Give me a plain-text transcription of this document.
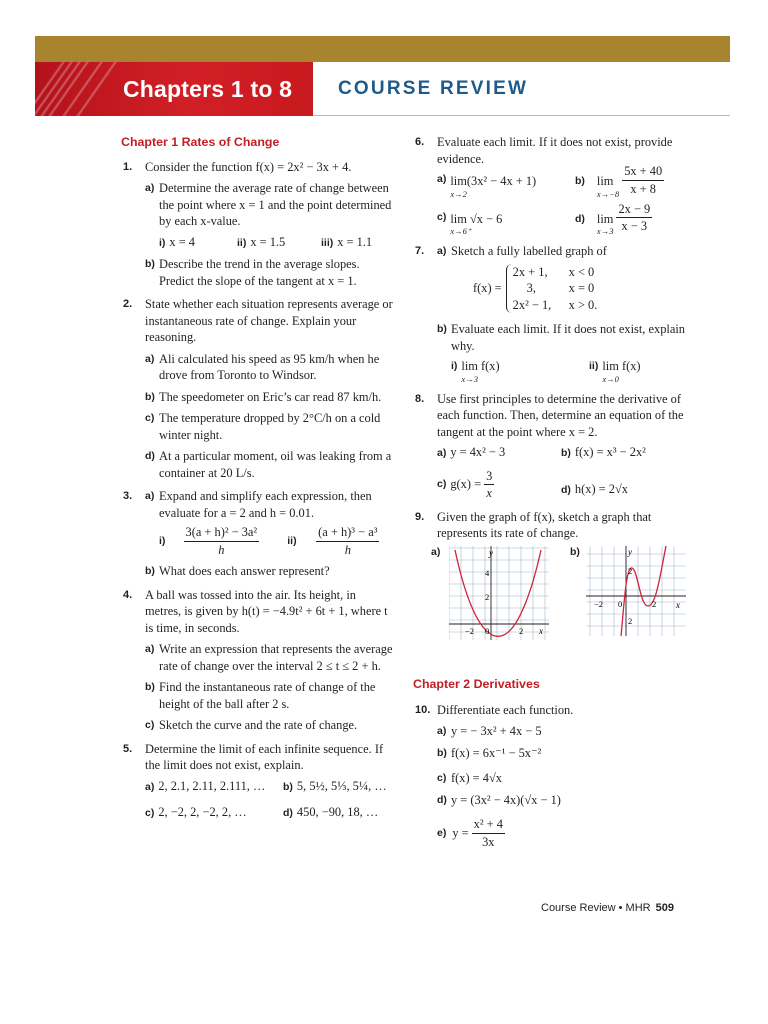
Chapters 1 to 8 COURSE REVIEW
Chapter 1 Rates of Change
1. Consider the function f(x) = 2x² − 3x + 4.
a) Determine the average rate of change between the point where x = 1 and the point determined by each x-value.
i) x = 4	ii) x = 1.5	iii) x = 1.1
b) Describe the trend in the average slopes. Predict the slope of the tangent at x = 1.
2. State whether each situation represents average or instantaneous rate of change. Explain your reasoning.
a) Ali calculated his speed as 95 km/h when he drove from Toronto to Windsor.
b) The speedometer on Eric’s car read 87 km/h.
c) The temperature dropped by 2°C/h on a cold winter night.
d) At a particular moment, oil was leaking from a container at 20 L/s.
3. a) Expand and simplify each expression, then evaluate for a = 2 and h = 0.01.
$i) \frac{\text{3(a + h)² − 3a²}}{h} ii) \frac{\text{(a + h)³ − a³}}{h}$
b) What does each answer represent?
4. A ball was tossed into the air. Its height, in metres, is given by h(t) = −4.9t² + 6t + 1, where t is time, in seconds.
a) Write an expression that represents the average rate of change over the interval 2 ≤ t ≤ 2 + h.
b) Find the instantaneous rate of change of the height of the ball after 2 s.
c) Sketch the curve and the rate of change.
5. Determine the limit of each infinite sequence. If the limit does not exist, explain.
a) 2, 2.1, 2.11, 2.111, …	b) 5, 5½, 5⅓, 5¼, …
c) 2, −2, 2, −2, 2, …	d) 450, −90, 18, …
6. Evaluate each limit. If it does not exist, provide evidence.
a) lim(3x² − 4x + 1)
x→2
b) lim
$x\to-8 \frac{5x + 40}{x + 8}$
c) lim √x − 6
x→6⁺
d) lim
$x\to 3 \frac{2x - 9}{x - 3}$
7. a) Sketch a fully labelled graph of
f(x) =
2x + 1,	x < 0
3,	x = 0
2x² − 1,	x > 0.
b) Evaluate each limit. If it does not exist, explain why.
i) lim f(x)
x→3
ii) lim f(x)
x→0
8. Use first principles to determine the derivative of each function. Then, determine an equation of the tangent at the point where x = 2.
a) y = 4x² − 3	b) f(x) = x³ − 2x²
c) $g(x) = \frac{3}{x}$	d) h(x) = 2√x
9. Given the graph of f(x), sketch a graph that represents its rate of change.
a)	b)
y
x
4
2
−2 0	2
y
x
2
−2 0	2
2
Chapter 2 Derivatives
10. Differentiate each function.
a) y = − 3x² + 4x − 5
b) f(x) = 6x⁻¹ − 5x⁻²
c) f(x) = 4√x
d) y = (3x² − 4x)(√x − 1)
e) $y = \frac{\text{x² + 4}}{3x}$
Course Review • MHR 509
